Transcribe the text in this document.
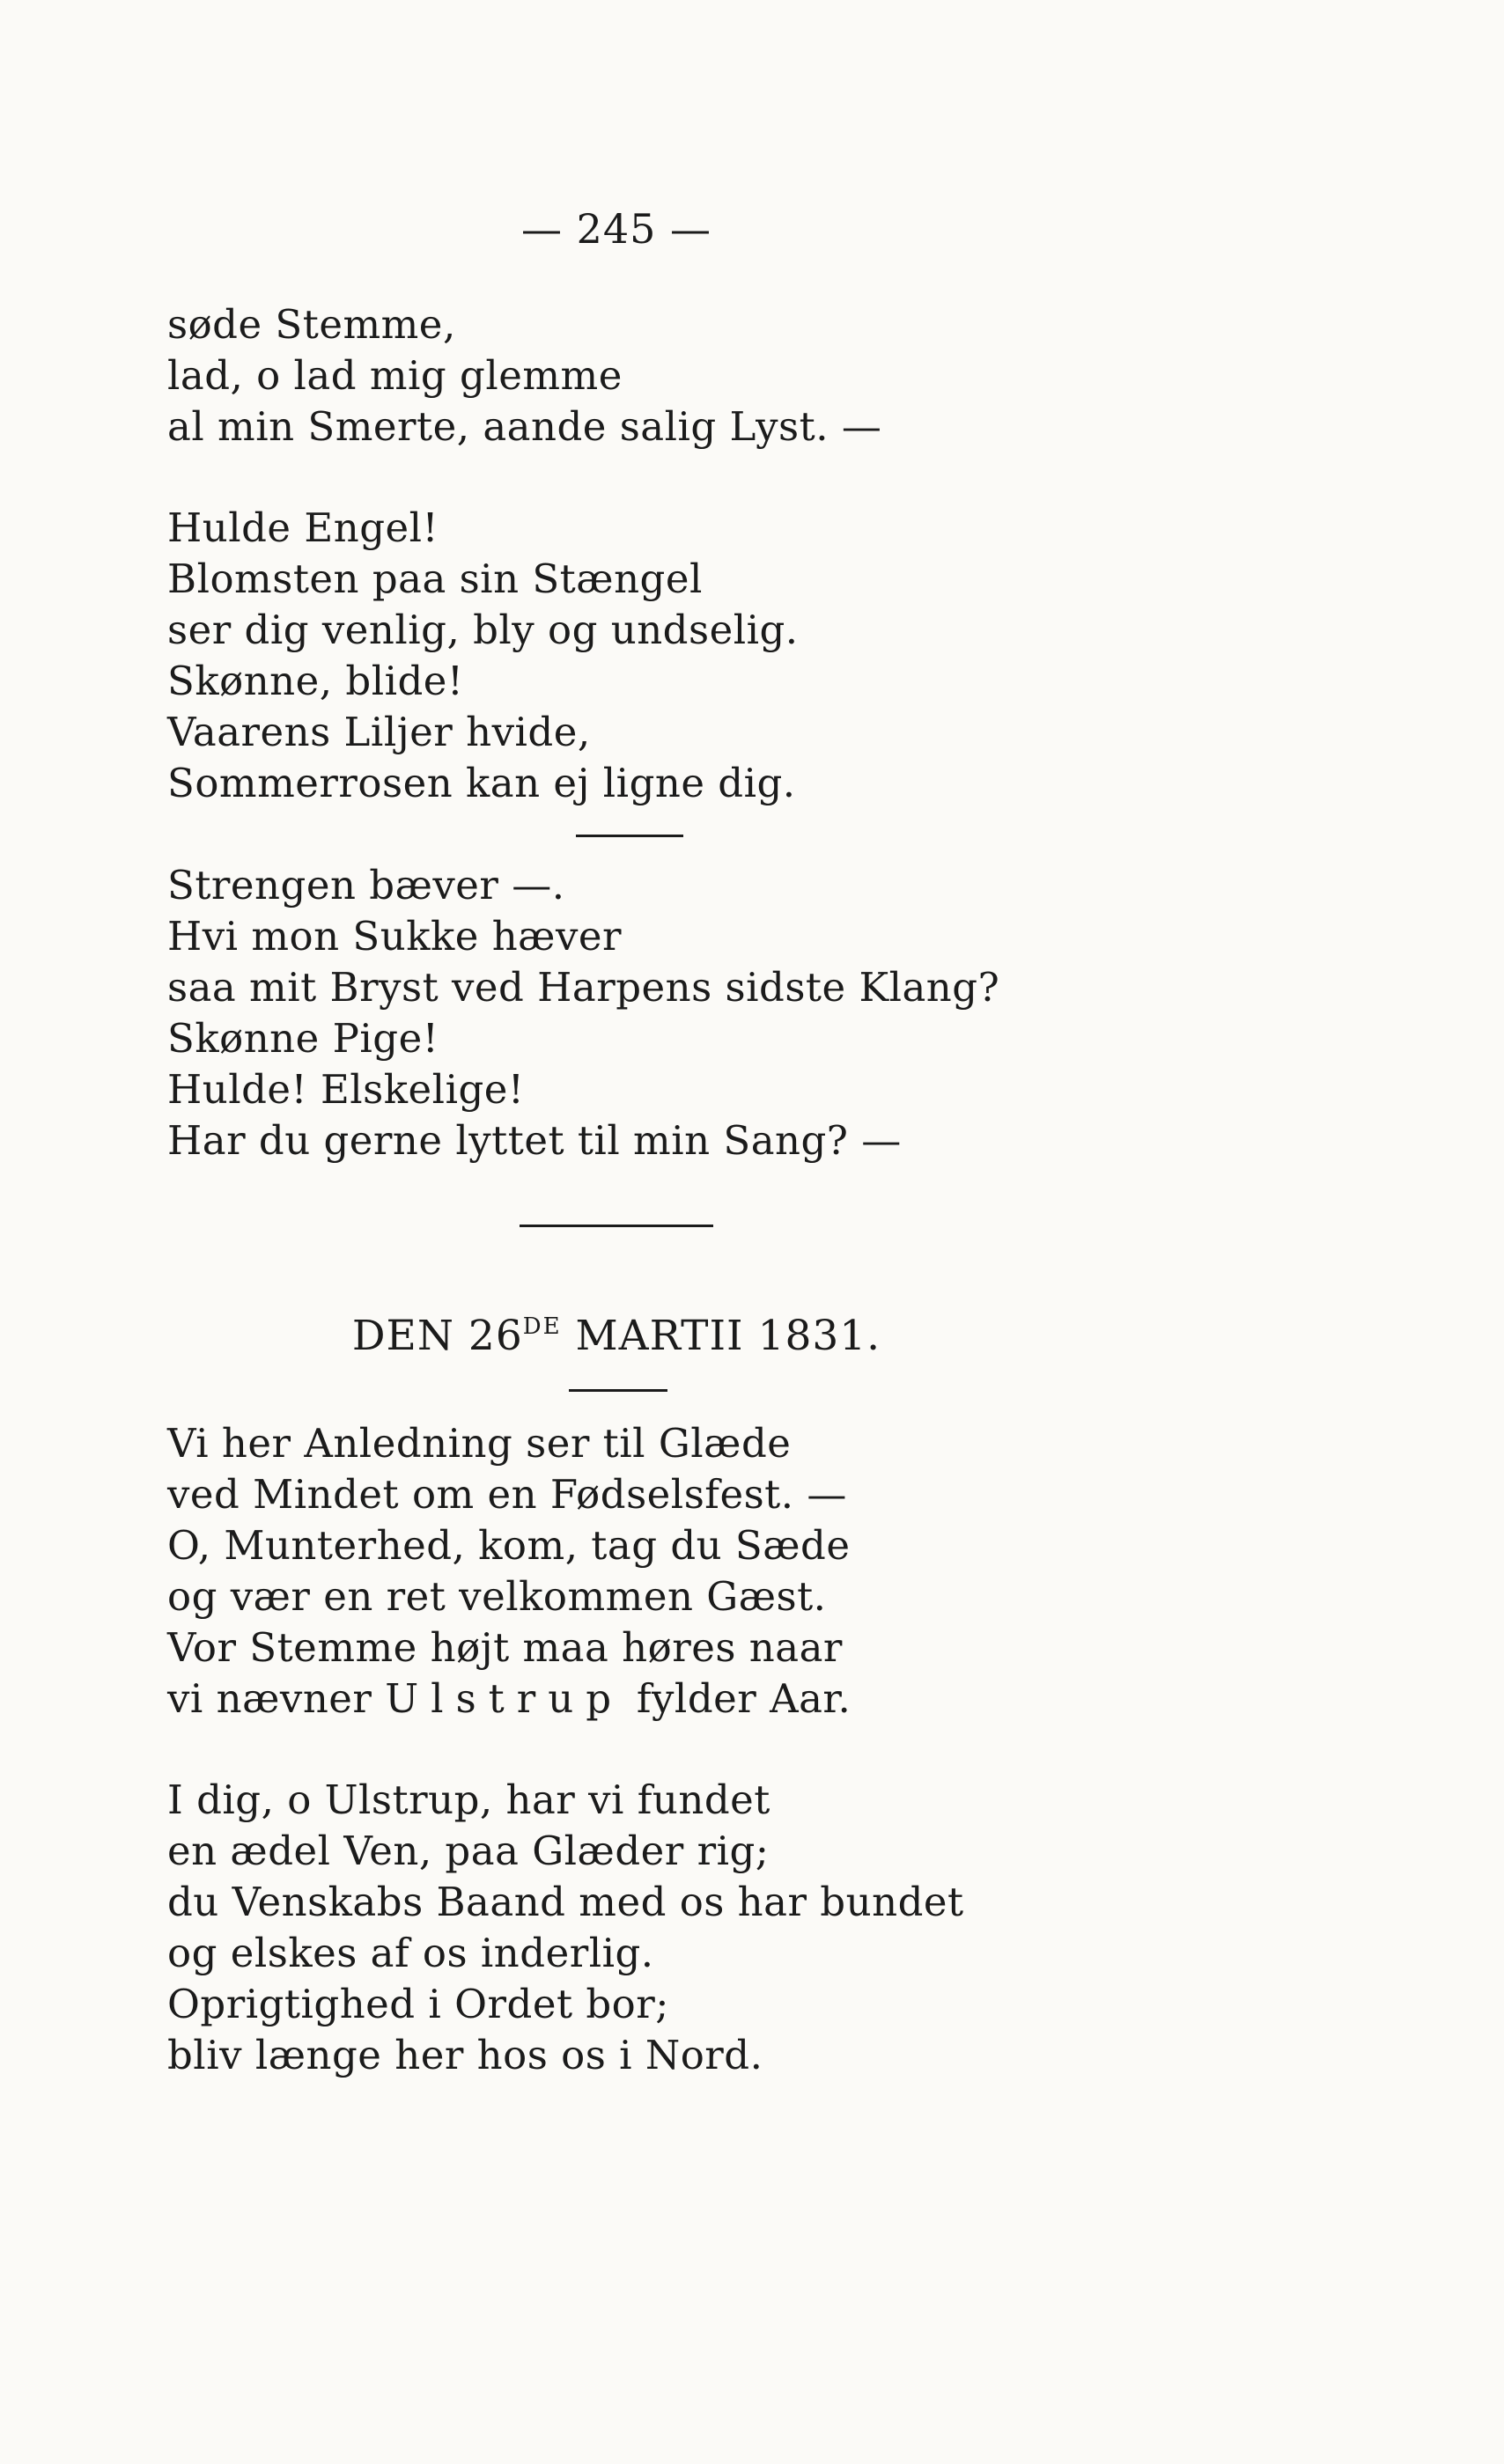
— 245 —
søde Stemme,
lad, o lad mig glemme
al min Smerte, aande salig Lyst. —
Hulde Engel!
Blomsten paa sin Stængel
ser dig venlig, bly og undselig.
Skønne, blide!
Vaarens Liljer hvide,
Sommerrosen kan ej ligne dig.
Strengen bæver —.
Hvi mon Sukke hæver
saa mit Bryst ved Harpens sidste Klang?
Skønne Pige!
Hulde! Elskelige!
Har du gerne lyttet til min Sang? —
DEN 26DE MARTII 1831.
Vi her Anledning ser til Glæde
ved Mindet om en Fødselsfest. —
O, Munterhed, kom, tag du Sæde
og vær en ret velkommen Gæst.
Vor Stemme højt maa høres naar
vi nævner Ulstrup fylder Aar.
I dig, o Ulstrup, har vi fundet
en ædel Ven, paa Glæder rig;
du Venskabs Baand med os har bundet
og elskes af os inderlig.
Oprigtighed i Ordet bor;
bliv længe her hos os i Nord.
